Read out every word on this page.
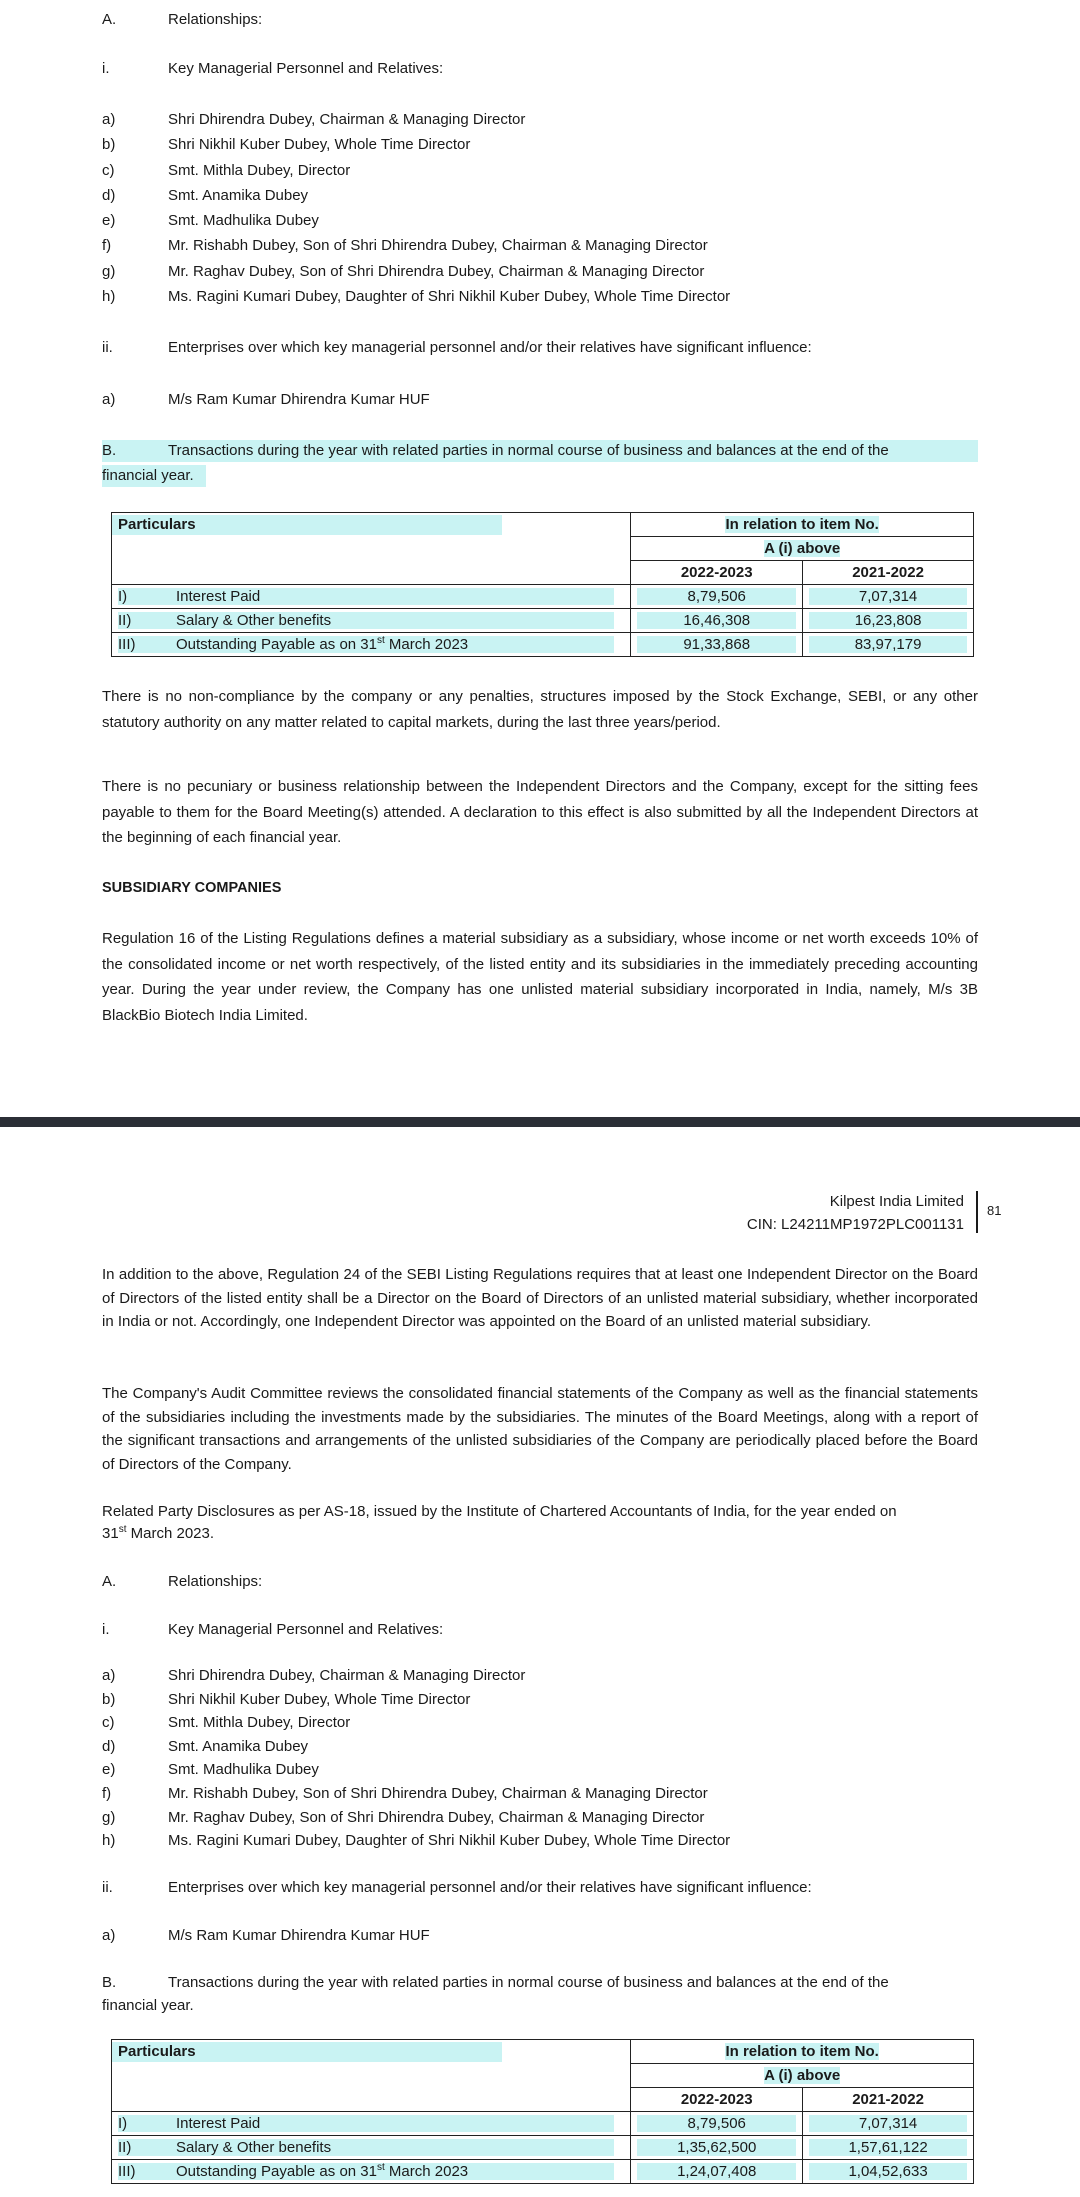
A.	Relationships:
i.	Key Managerial Personnel and Relatives:
a)	Shri Dhirendra Dubey, Chairman & Managing Director
b)	Shri Nikhil Kuber Dubey, Whole Time Director
c)	Smt. Mithla Dubey, Director
d)	Smt. Anamika Dubey
e)	Smt. Madhulika Dubey
f)	Mr. Rishabh Dubey, Son of Shri Dhirendra Dubey, Chairman & Managing Director
g)	Mr. Raghav Dubey, Son of Shri Dhirendra Dubey, Chairman & Managing Director
h)	Ms. Ragini Kumari Dubey, Daughter of Shri Nikhil Kuber Dubey, Whole Time Director
ii.	Enterprises over which key managerial personnel and/or their relatives have significant influence:
a)	M/s Ram Kumar Dhirendra Kumar HUF
B.	Transactions during the year with related parties in normal course of business and balances at the end of the
financial year.
Particulars	In relation to item No.	
	A (i) above	
	2022-2023	2021-2022
I) Interest Paid	8,79,506	7,07,314

II) Salary & Other benefits	16,46,308	16,23,808

III) Outstanding Payable as on 31st March 2023	91,33,868	83,97,179

There is no non-compliance by the company or any penalties, structures imposed by the Stock Exchange, SEBI, or any other statutory authority on any matter related to capital markets, during the last three years/period.

There is no pecuniary or business relationship between the Independent Directors and the Company, except for the sitting fees payable to them for the Board Meeting(s) attended. A declaration to this effect is also submitted by all the Independent Directors at the beginning of each financial year.

SUBSIDIARY COMPANIES

Regulation 16 of the Listing Regulations defines a material subsidiary as a subsidiary, whose income or net worth exceeds 10% of the consolidated income or net worth respectively, of the listed entity and its subsidiaries in the immediately preceding accounting year. During the year under review, the Company has one unlisted material subsidiary incorporated in India, namely, M/s 3B BlackBio Biotech India Limited.

Kilpest India Limited
CIN: L24211MP1972PLC001131
81

In addition to the above, Regulation 24 of the SEBI Listing Regulations requires that at least one Independent Director on the Board of Directors of the listed entity shall be a Director on the Board of Directors of an unlisted material subsidiary, whether incorporated in India or not. Accordingly, one Independent Director was appointed on the Board of an unlisted material subsidiary.

The Company's Audit Committee reviews the consolidated financial statements of the Company as well as the financial statements of the subsidiaries including the investments made by the subsidiaries. The minutes of the Board Meetings, along with a report of the significant transactions and arrangements of the unlisted subsidiaries of the Company are periodically placed before the Board of Directors of the Company.

Related Party Disclosures as per AS-18, issued by the Institute of Chartered Accountants of India, for the year ended on
31st March 2023.
A.	Relationships:
i.	Key Managerial Personnel and Relatives:
a)	Shri Dhirendra Dubey, Chairman & Managing Director
b)	Shri Nikhil Kuber Dubey, Whole Time Director
c)	Smt. Mithla Dubey, Director
d)	Smt. Anamika Dubey
e)	Smt. Madhulika Dubey
f)	Mr. Rishabh Dubey, Son of Shri Dhirendra Dubey, Chairman & Managing Director
g)	Mr. Raghav Dubey, Son of Shri Dhirendra Dubey, Chairman & Managing Director
h)	Ms. Ragini Kumari Dubey, Daughter of Shri Nikhil Kuber Dubey, Whole Time Director
ii.	Enterprises over which key managerial personnel and/or their relatives have significant influence:
a)	M/s Ram Kumar Dhirendra Kumar HUF
B.	Transactions during the year with related parties in normal course of business and balances at the end of the
financial year.
Particulars	In relation to item No.	
	A (i) above	
	2022-2023	2021-2022
I) Interest Paid	8,79,506	7,07,314

II) Salary & Other benefits	1,35,62,500	1,57,61,122

III) Outstanding Payable as on 31st March 2023	1,24,07,408	1,04,52,633
